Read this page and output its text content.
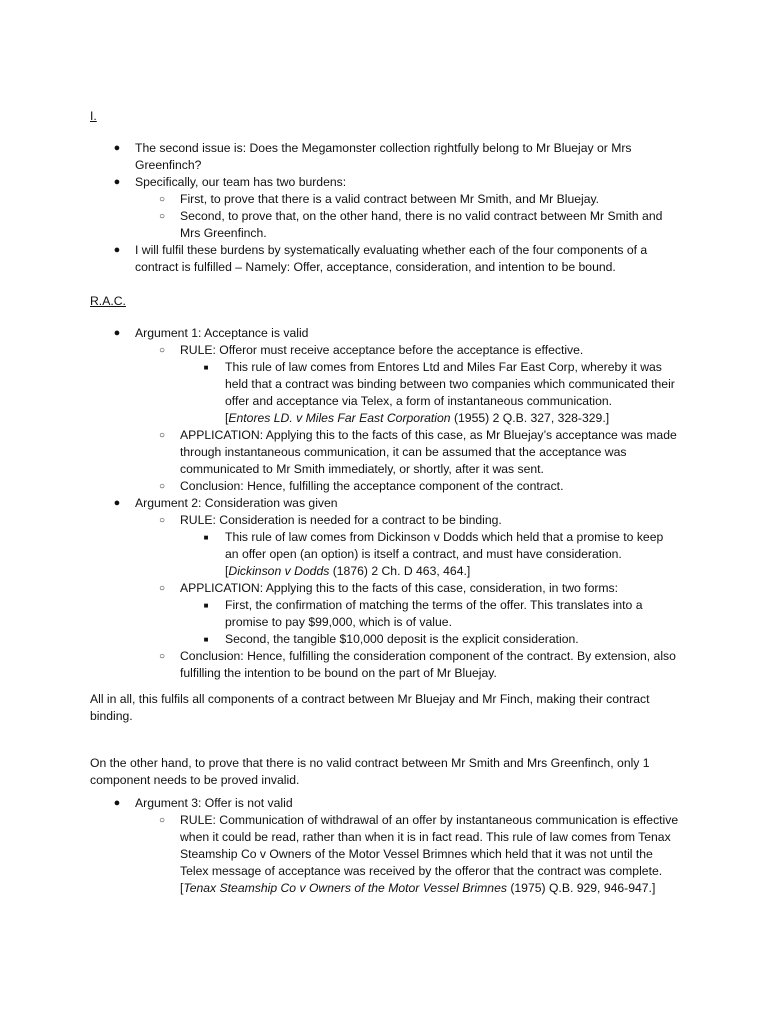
I.
●	The second issue is: Does the Megamonster collection rightfully belong to Mr Bluejay or Mrs Greenfinch?
●	Specifically, our team has two burdens:
○	First, to prove that there is a valid contract between Mr Smith, and Mr Bluejay.
○	Second, to prove that, on the other hand, there is no valid contract between Mr Smith and Mrs Greenfinch.
●	I will fulfil these burdens by systematically evaluating whether each of the four components of a contract is fulfilled – Namely: Offer, acceptance, consideration, and intention to be bound.
R.A.C.
●	Argument 1: Acceptance is valid
○	RULE: Offeror must receive acceptance before the acceptance is effective.
■	This rule of law comes from Entores Ltd and Miles Far East Corp, whereby it was held that a contract was binding between two companies which communicated their offer and acceptance via Telex, a form of instantaneous communication.
[Entores LD. v Miles Far East Corporation (1955) 2 Q.B. 327, 328-329.]
○	APPLICATION: Applying this to the facts of this case, as Mr Bluejay’s acceptance was made through instantaneous communication, it can be assumed that the acceptance was communicated to Mr Smith immediately, or shortly, after it was sent.
○	Conclusion: Hence, fulfilling the acceptance component of the contract.
●	Argument 2: Consideration was given
○	RULE: Consideration is needed for a contract to be binding.
■	This rule of law comes from Dickinson v Dodds which held that a promise to keep an offer open (an option) is itself a contract, and must have consideration.
[Dickinson v Dodds (1876) 2 Ch. D 463, 464.]
○	APPLICATION: Applying this to the facts of this case, consideration, in two forms:
■	First, the confirmation of matching the terms of the offer. This translates into a promise to pay $99,000, which is of value.
■	Second, the tangible $10,000 deposit is the explicit consideration.
○	Conclusion: Hence, fulfilling the consideration component of the contract. By extension, also fulfilling the intention to be bound on the part of Mr Bluejay.
All in all, this fulfils all components of a contract between Mr Bluejay and Mr Finch, making their contract binding.
On the other hand, to prove that there is no valid contract between Mr Smith and Mrs Greenfinch, only 1 component needs to be proved invalid.
●	Argument 3: Offer is not valid
○	RULE: Communication of withdrawal of an offer by instantaneous communication is effective when it could be read, rather than when it is in fact read. This rule of law comes from Tenax Steamship Co v Owners of the Motor Vessel Brimnes which held that it was not until the Telex message of acceptance was received by the offeror that the contract was complete. [Tenax Steamship Co v Owners of the Motor Vessel Brimnes (1975) Q.B. 929, 946-947.]
